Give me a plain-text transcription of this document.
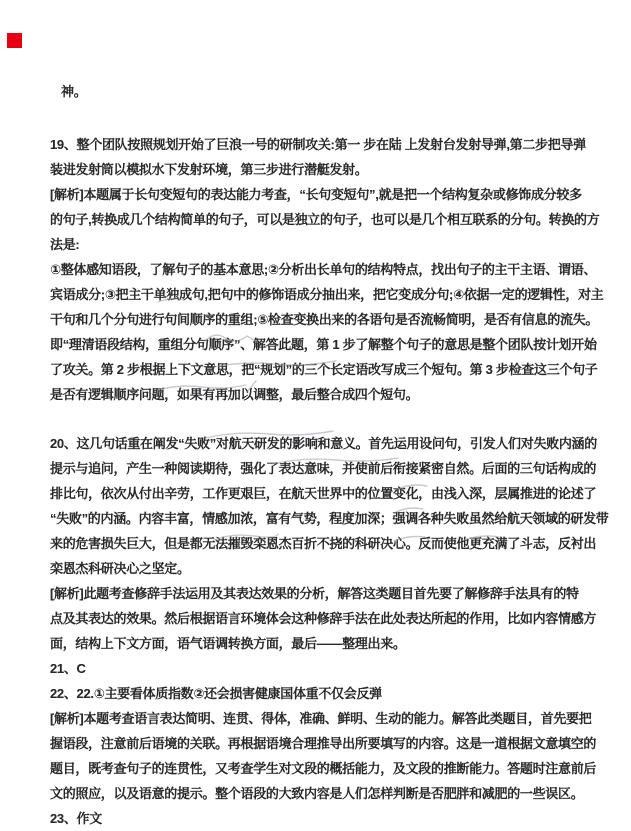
神。
19、整个团队按照规划开始了巨浪一号的研制攻关:第一 步在陆 上发射台发射导弹,第二步把导弹
装进发射筒以模拟水下发射环境，第三步进行潜艇发射。
[解析]本题属于长句变短句的表达能力考查，“长句变短句”,就是把一个结构复杂或修饰成分较多
的句子,转换成几个结构简单的句子，可以是独立的句子，也可以是几个相互联系的分句。转换的方
法是:
①整体感知语段，了解句子的基本意思;②分析出长单句的结构特点，找出句子的主干主语、谓语、
宾语成分;③把主干单独成句,把句中的修饰语成分抽出来，把它变成分句;④依据一定的逻辑性，对主
干句和几个分句进行句间顺序的重组;⑤检查变换出来的各语句是否流畅简明，是否有信息的流失。
即“理清语段结构，重组分句顺序”、解答此题，第 1 步了解整个句子的意思是整个团队按计划开始
了攻关。第 2 步根据上下文意思，把“规划”的三个长定语改写成三个短句。第 3 步检查这三个句子
是否有逻辑顺序问题，如果有再加以调整，最后整合成四个短句。
20、这几句话重在阐发“失败”对航天研发的影响和意义。首先运用设问句，引发人们对失败内涵的
提示与追问，产生一种阅读期待，强化了表达意味，并使前后衔接紧密自然。后面的三句话构成的
排比句，依次从付出辛劳，工作更艰巨，在航天世界中的位置变化，由浅入深，层属推进的论述了
“失败”的内涵。内容丰富，情感加浓，富有气势，程度加深；强调各种失败虽然给航天领域的研发带
来的危害损失巨大，但是都无法摧毁栾恩杰百折不挠的科研决心。反而使他更充满了斗志，反衬出
栾恩杰科研决心之坚定。
[解析]此题考查修辞手法运用及其表达效果的分析，解答这类题目首先要了解修辞手法具有的特
点及其表达的效果。然后根据语言环境体会这种修辞手法在此处表达所起的作用，比如内容情感方
面，结构上下文方面，语气语调转换方面，最后——整理出来。
21、C
22、22.①主要看体质指数②还会损害健康国体重不仅会反弹
[解析]本题考查语言表达简明、连贯、得体，准确、鲜明、生动的能力。解答此类题目，首先要把
握语段，注意前后语境的关联。再根据语境合理推导出所要填写的内容。这是一道根据文意填空的
题目，既考查句子的连贯性，又考查学生对文段的概括能力，及文段的推断能力。答题时注意前后
文的照应，以及语意的提示。整个语段的大致内容是人们怎样判断是否肥胖和减肥的一些误区。
23、作文
